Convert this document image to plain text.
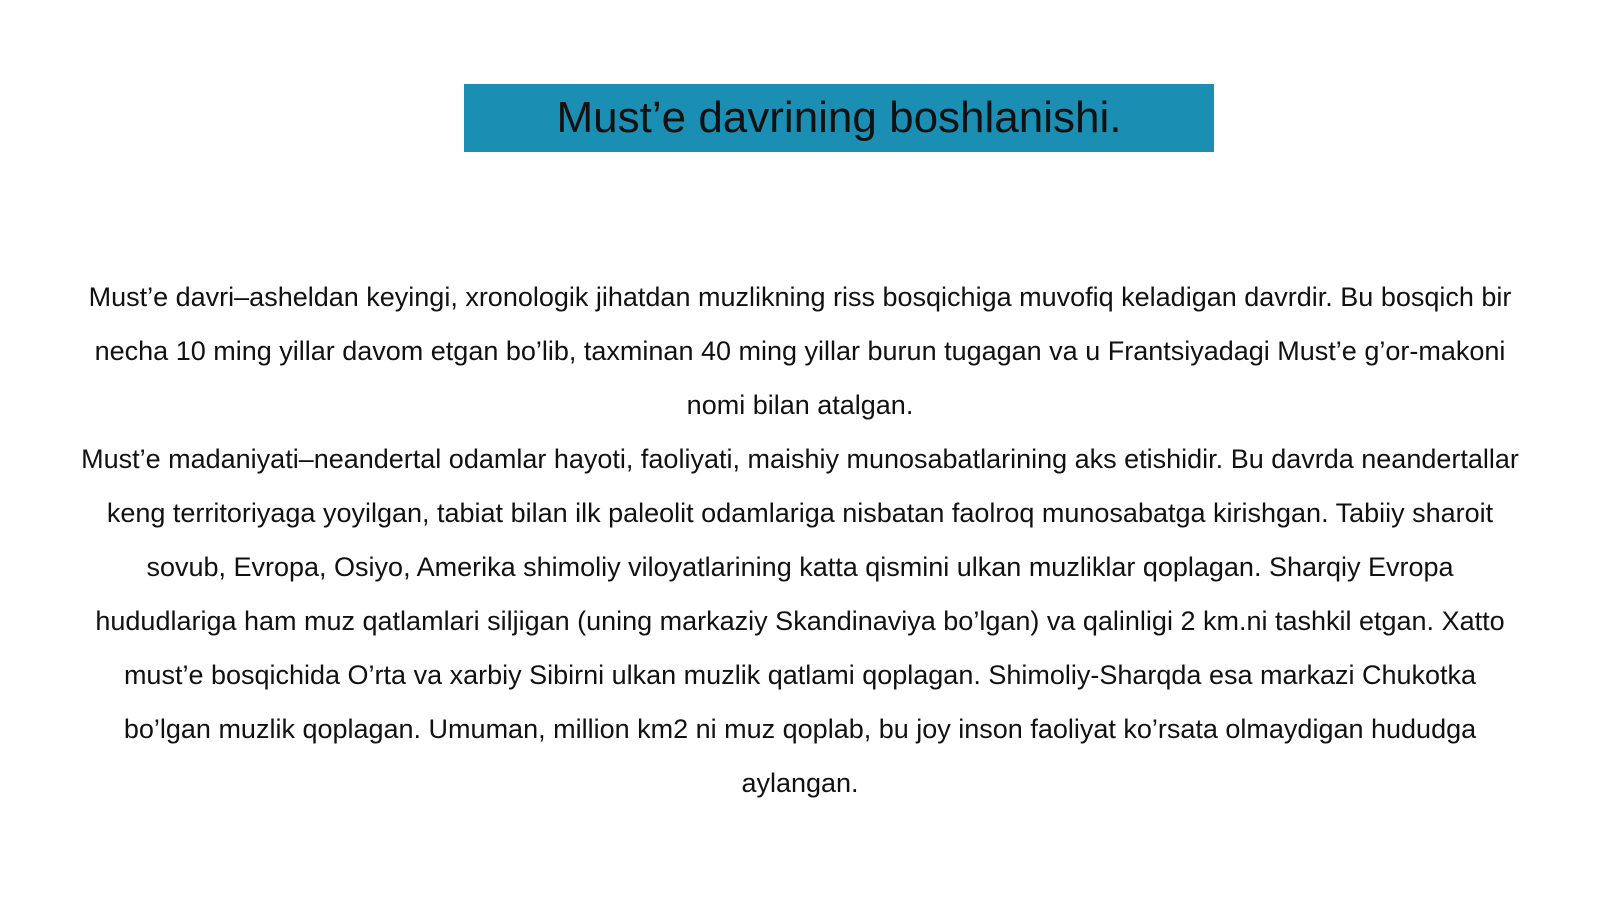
Must’e davrining boshlanishi.

Must’e davri–asheldan keyingi, xronologik jihatdan muzlikning riss bosqichiga muvofiq keladigan davrdir. Bu bosqich bir necha 10 ming yillar davom etgan bo’lib, taxminan 40 ming yillar burun tugagan va u Frantsiyadagi Must’e g’or-makoni nomi bilan atalgan.

Must’e madaniyati–neandertal odamlar hayoti, faoliyati, maishiy munosabatlarining aks etishidir. Bu davrda neandertallar keng territoriyaga yoyilgan, tabiat bilan ilk paleolit odamlariga nisbatan faolroq munosabatga kirishgan. Tabiiy sharoit sovub, Evropa, Osiyo, Amerika shimoliy viloyatlarining katta qismini ulkan muzliklar qoplagan. Sharqiy Evropa hududlariga ham muz qatlamlari siljigan (uning markaziy Skandinaviya bo’lgan) va qalinligi 2 km.ni tashkil etgan. Xatto must’e bosqichida O’rta va xarbiy Sibirni ulkan muzlik qatlami qoplagan. Shimoliy-Sharqda esa markazi Chukotka bo’lgan muzlik qoplagan. Umuman, million km2 ni muz qoplab, bu joy inson faoliyat ko’rsata olmaydigan hududga aylangan.
